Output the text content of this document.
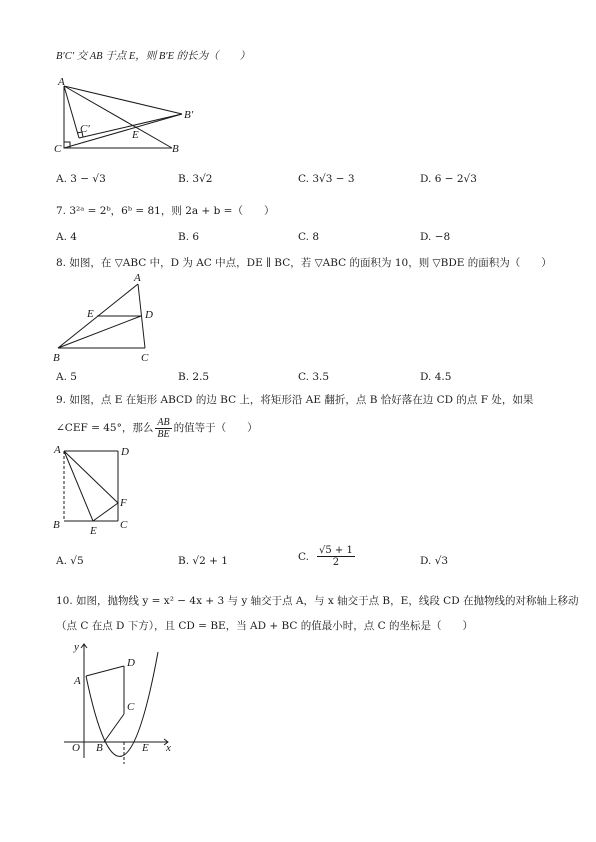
B′C′ 交 AB 于点 E，则 B′E 的长为（　　）
A
B′
C′	E
C	B
A. 3 − √3	B. 3√2	C. 3√3 − 3	D. 6 − 2√3
7. 3²ᵃ = 2ᵇ，6ᵇ = 81，则 2a + b =（　　）
A. 4	B. 6	C. 8	D. −8
8. 如图，在 ▽ABC 中，D 为 AC 中点，DE ∥ BC，若 ▽ABC 的面积为 10，则 ▽BDE 的面积为（　　）
A
E	D
B	C
A. 5	B. 2.5	C. 3.5	D. 4.5
9. 如图，点 E 在矩形 ABCD 的边 BC 上，将矩形沿 AE 翻折，点 B 恰好落在边 CD 的点 F 处，如果
∠CEF = 45°，那么 $\frac{AB}{BE}$ 的值等于（　　）
A	D
F
B	E C
A. √5	B. √2 + 1	C. $\frac{√5 + 1}{2}$	D. √3
10. 如图，抛物线 y = x² − 4x + 3 与 y 轴交于点 A，与 x 轴交于点 B，E，线段 CD 在抛物线的对称轴上移动
（点 C 在点 D 下方），且 CD = BE，当 AD + BC 的值最小时，点 C 的坐标是（　　）
y
D
A
C
O B	E x
